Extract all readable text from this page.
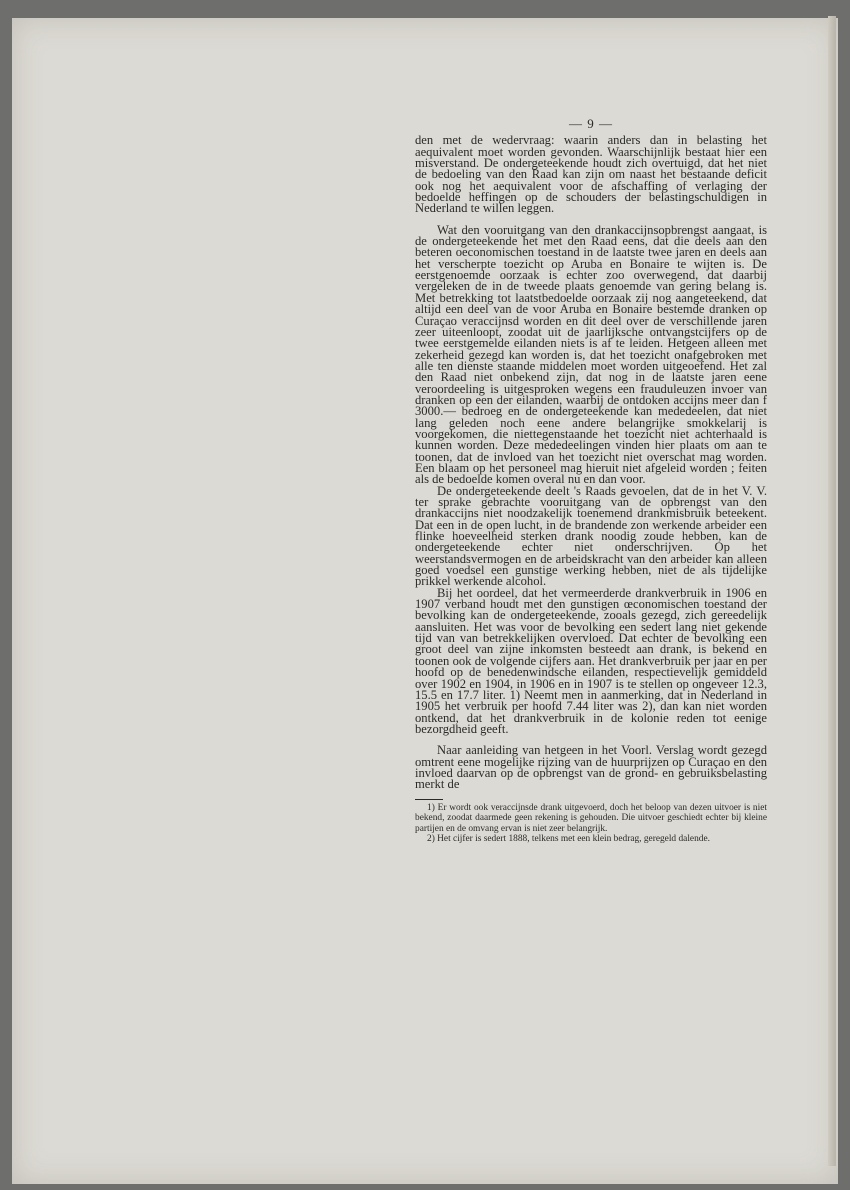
— 9 —

den met de wedervraag: waarin anders dan in belasting het aequivalent moet worden gevonden. Waarschijnlijk bestaat hier een misverstand. De ondergeteekende houdt zich overtuigd, dat het niet de bedoeling van den Raad kan zijn om naast het bestaande deficit ook nog het aequivalent voor de afschaffing of verlaging der bedoelde heffingen op de schouders der belastingschuldigen in Nederland te willen leggen.

Wat den vooruitgang van den drankaccijnsopbrengst aangaat, is de ondergeteekende het met den Raad eens, dat die deels aan den beteren oeconomischen toestand in de laatste twee jaren en deels aan het verscherpte toezicht op Aruba en Bonaire te wijten is. De eerstgenoemde oorzaak is echter zoo overwegend, dat daarbij vergeleken de in de tweede plaats genoemde van gering belang is. Met betrekking tot laatstbedoelde oorzaak zij nog aangeteekend, dat altijd een deel van de voor Aruba en Bonaire bestemde dranken op Curaçao veraccijnsd worden en dit deel over de verschillende jaren zeer uiteenloopt, zoodat uit de jaarlijksche ontvangstcijfers op de twee eerstgemelde eilanden niets is af te leiden. Hetgeen alleen met zekerheid gezegd kan worden is, dat het toezicht onafgebroken met alle ten dienste staande middelen moet worden uitgeoefend. Het zal den Raad niet onbekend zijn, dat nog in de laatste jaren eene veroordeeling is uitgesproken wegens een frauduleuzen invoer van dranken op een der eilanden, waarbij de ontdoken accijns meer dan f 3000.— bedroeg en de ondergeteekende kan mededeelen, dat niet lang geleden noch eene andere belangrijke smokkelarij is voorgekomen, die niettegenstaande het toezicht niet achterhaald is kunnen worden. Deze mededeelingen vinden hier plaats om aan te toonen, dat de invloed van het toezicht niet overschat mag worden. Een blaam op het personeel mag hieruit niet afgeleid worden ; feiten als de bedoelde komen overal nu en dan voor.

De ondergeteekende deelt 's Raads gevoelen, dat de in het V. V. ter sprake gebrachte vooruitgang van de opbrengst van den drankaccijns niet noodzakelijk toenemend drankmisbruik beteekent. Dat een in de open lucht, in de brandende zon werkende arbeider een flinke hoeveelheid sterken drank noodig zoude hebben, kan de ondergeteekende echter niet onderschrijven. Op het weerstandsvermogen en de arbeidskracht van den arbeider kan alleen goed voedsel een gunstige werking hebben, niet de als tijdelijke prikkel werkende alcohol.

Bij het oordeel, dat het vermeerderde drankverbruik in 1906 en 1907 verband houdt met den gunstigen œconomischen toestand der bevolking kan de ondergeteekende, zooals gezegd, zich gereedelijk aansluiten. Het was voor de bevolking een sedert lang niet gekende tijd van van betrekkelijken overvloed. Dat echter de bevolking een groot deel van zijne inkomsten besteedt aan drank, is bekend en toonen ook de volgende cijfers aan. Het drankverbruik per jaar en per hoofd op de benedenwindsche eilanden, respectievelijk gemiddeld over 1902 en 1904, in 1906 en in 1907 is te stellen op ongeveer 12.3, 15.5 en 17.7 liter. 1) Neemt men in aanmerking, dat in Nederland in 1905 het verbruik per hoofd 7.44 liter was 2), dan kan niet worden ontkend, dat het drankverbruik in de kolonie reden tot eenige bezorgdheid geeft.

Naar aanleiding van hetgeen in het Voorl. Verslag wordt gezegd omtrent eene mogelijke rijzing van de huurprijzen op Curaçao en den invloed daarvan op de opbrengst van de grond- en gebruiksbelasting merkt de

1) Er wordt ook veraccijnsde drank uitgevoerd, doch het beloop van dezen uitvoer is niet bekend, zoodat daarmede geen rekening is gehouden. Die uitvoer geschiedt echter bij kleine partijen en de omvang ervan is niet zeer belangrijk.

2) Het cijfer is sedert 1888, telkens met een klein bedrag, geregeld dalende.
